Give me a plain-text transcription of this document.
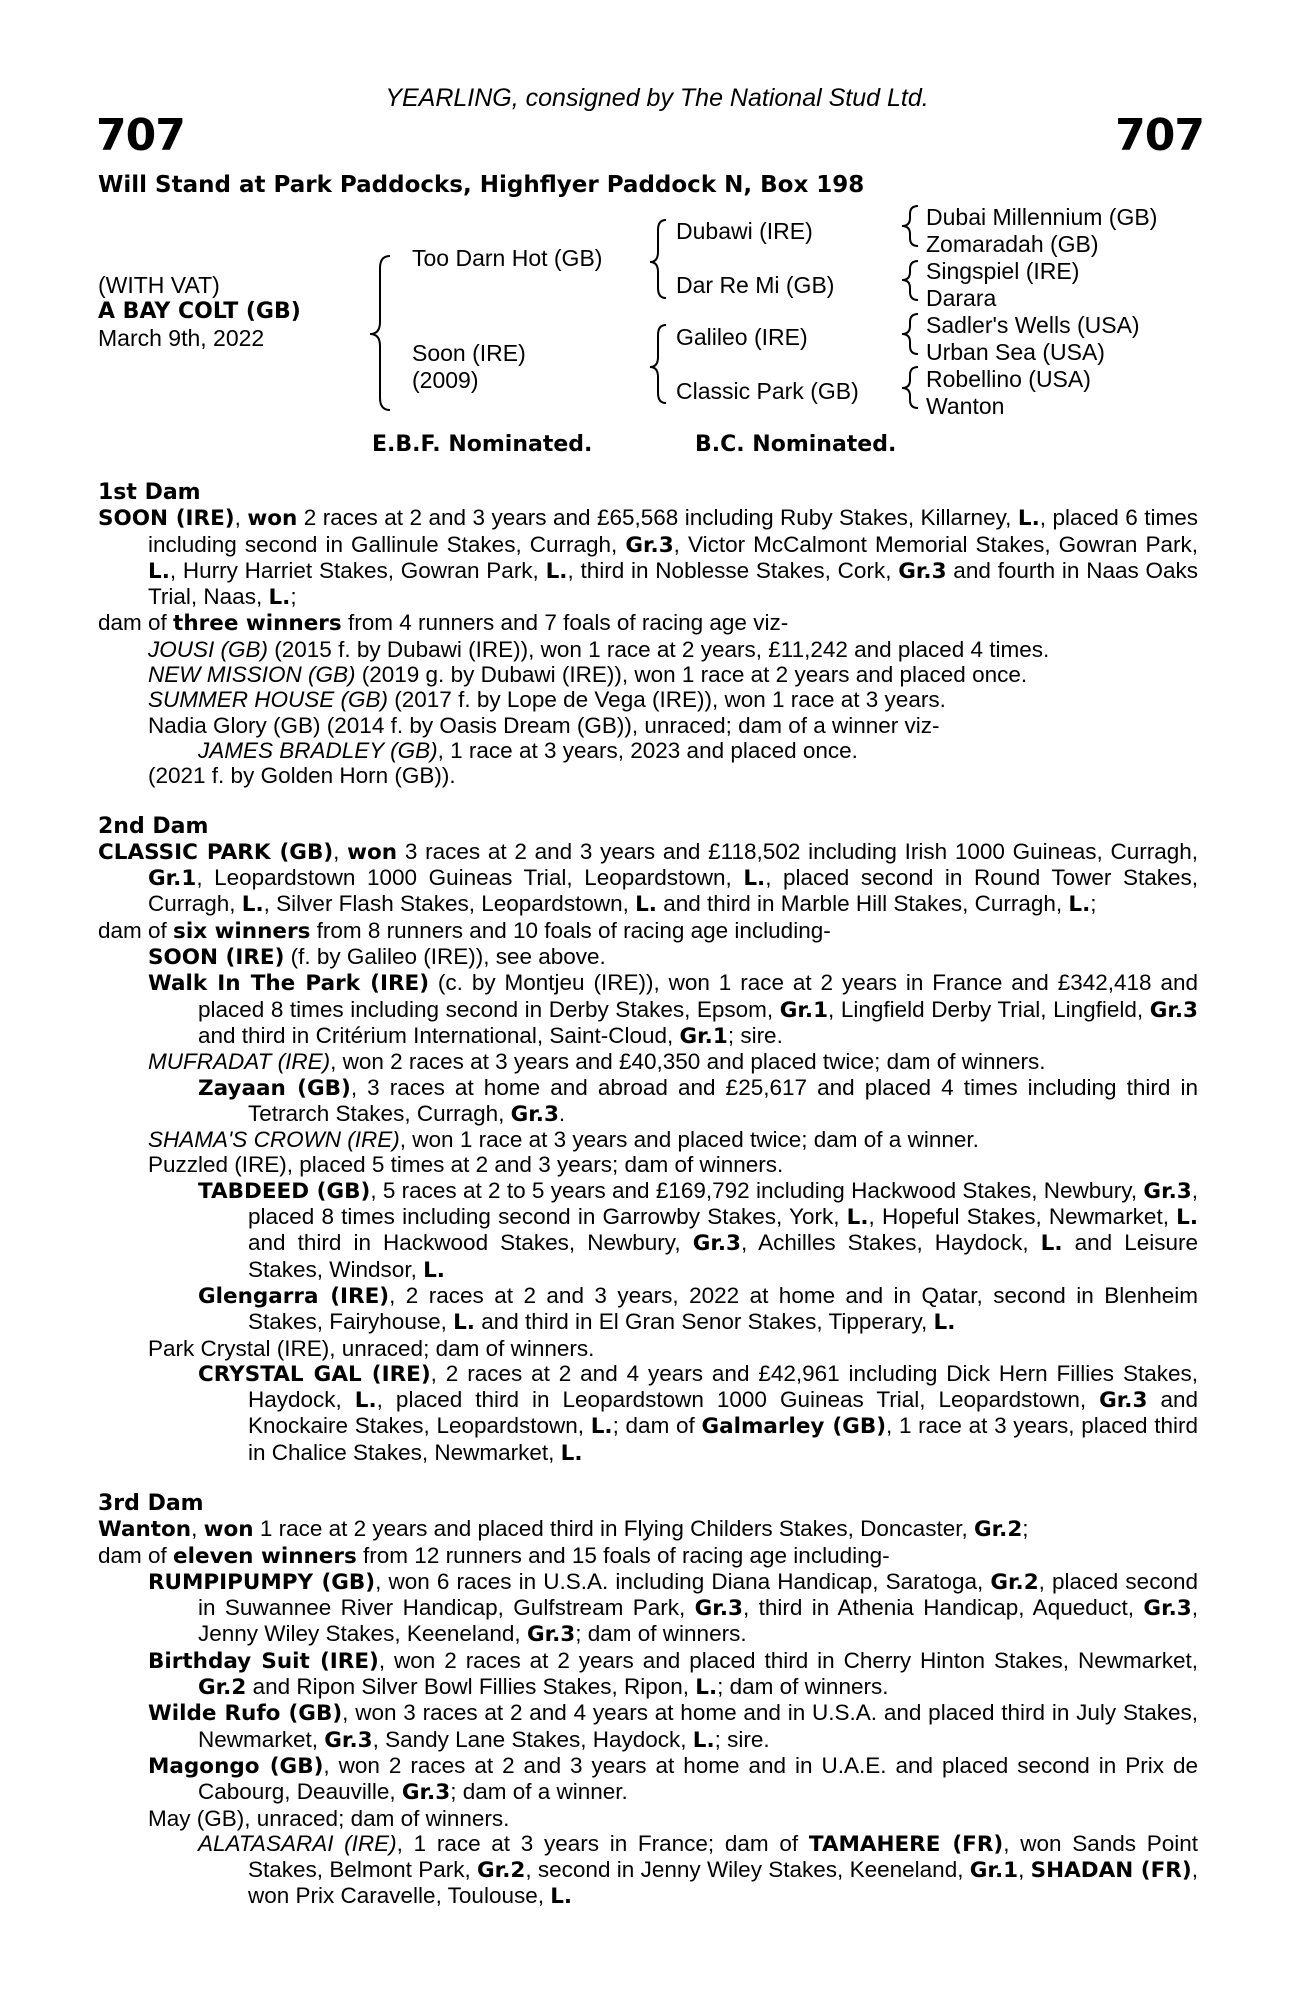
YEARLING, consigned by The National Stud Ltd.
707	707
Will Stand at Park Paddocks, Highflyer Paddock N, Box 198
(WITH VAT)
A BAY COLT (GB)
March 9th, 2022
Too Darn Hot (GB)
Soon (IRE)
(2009)
Dubawi (IRE)
Dar Re Mi (GB)
Galileo (IRE)
Classic Park (GB)
Dubai Millennium (GB)
Zomaradah (GB)
Singspiel (IRE)
Darara
Sadler's Wells (USA)
Urban Sea (USA)
Robellino (USA)
Wanton
E.B.F. Nominated.	B.C. Nominated.
1st Dam
SOON (IRE), won 2 races at 2 and 3 years and £65,568 including Ruby Stakes, Killarney, L., placed 6 times including second in Gallinule Stakes, Curragh, Gr.3, Victor McCalmont Memorial Stakes, Gowran Park, L., Hurry Harriet Stakes, Gowran Park, L., third in Noblesse Stakes, Cork, Gr.3 and fourth in Naas Oaks Trial, Naas, L.;
dam of three winners from 4 runners and 7 foals of racing age viz-
JOUSI (GB) (2015 f. by Dubawi (IRE)), won 1 race at 2 years, £11,242 and placed 4 times.
NEW MISSION (GB) (2019 g. by Dubawi (IRE)), won 1 race at 2 years and placed once.
SUMMER HOUSE (GB) (2017 f. by Lope de Vega (IRE)), won 1 race at 3 years.
Nadia Glory (GB) (2014 f. by Oasis Dream (GB)), unraced; dam of a winner viz-
JAMES BRADLEY (GB), 1 race at 3 years, 2023 and placed once.
(2021 f. by Golden Horn (GB)).
2nd Dam
CLASSIC PARK (GB), won 3 races at 2 and 3 years and £118,502 including Irish 1000 Guineas, Curragh, Gr.1, Leopardstown 1000 Guineas Trial, Leopardstown, L., placed second in Round Tower Stakes, Curragh, L., Silver Flash Stakes, Leopardstown, L. and third in Marble Hill Stakes, Curragh, L.;
dam of six winners from 8 runners and 10 foals of racing age including-
SOON (IRE) (f. by Galileo (IRE)), see above.
Walk In The Park (IRE) (c. by Montjeu (IRE)), won 1 race at 2 years in France and £342,418 and placed 8 times including second in Derby Stakes, Epsom, Gr.1, Lingfield Derby Trial, Lingfield, Gr.3 and third in Critérium International, Saint-Cloud, Gr.1; sire.
MUFRADAT (IRE), won 2 races at 3 years and £40,350 and placed twice; dam of winners.
Zayaan (GB), 3 races at home and abroad and £25,617 and placed 4 times including third in Tetrarch Stakes, Curragh, Gr.3.
SHAMA'S CROWN (IRE), won 1 race at 3 years and placed twice; dam of a winner.
Puzzled (IRE), placed 5 times at 2 and 3 years; dam of winners.
TABDEED (GB), 5 races at 2 to 5 years and £169,792 including Hackwood Stakes, Newbury, Gr.3, placed 8 times including second in Garrowby Stakes, York, L., Hopeful Stakes, Newmarket, L. and third in Hackwood Stakes, Newbury, Gr.3, Achilles Stakes, Haydock, L. and Leisure Stakes, Windsor, L.
Glengarra (IRE), 2 races at 2 and 3 years, 2022 at home and in Qatar, second in Blenheim Stakes, Fairyhouse, L. and third in El Gran Senor Stakes, Tipperary, L.
Park Crystal (IRE), unraced; dam of winners.
CRYSTAL GAL (IRE), 2 races at 2 and 4 years and £42,961 including Dick Hern Fillies Stakes, Haydock, L., placed third in Leopardstown 1000 Guineas Trial, Leopardstown, Gr.3 and Knockaire Stakes, Leopardstown, L.; dam of Galmarley (GB), 1 race at 3 years, placed third in Chalice Stakes, Newmarket, L.
3rd Dam
Wanton, won 1 race at 2 years and placed third in Flying Childers Stakes, Doncaster, Gr.2;
dam of eleven winners from 12 runners and 15 foals of racing age including-
RUMPIPUMPY (GB), won 6 races in U.S.A. including Diana Handicap, Saratoga, Gr.2, placed second in Suwannee River Handicap, Gulfstream Park, Gr.3, third in Athenia Handicap, Aqueduct, Gr.3, Jenny Wiley Stakes, Keeneland, Gr.3; dam of winners.
Birthday Suit (IRE), won 2 races at 2 years and placed third in Cherry Hinton Stakes, Newmarket, Gr.2 and Ripon Silver Bowl Fillies Stakes, Ripon, L.; dam of winners.
Wilde Rufo (GB), won 3 races at 2 and 4 years at home and in U.S.A. and placed third in July Stakes, Newmarket, Gr.3, Sandy Lane Stakes, Haydock, L.; sire.
Magongo (GB), won 2 races at 2 and 3 years at home and in U.A.E. and placed second in Prix de Cabourg, Deauville, Gr.3; dam of a winner.
May (GB), unraced; dam of winners.
ALATASARAI (IRE), 1 race at 3 years in France; dam of TAMAHERE (FR), won Sands Point Stakes, Belmont Park, Gr.2, second in Jenny Wiley Stakes, Keeneland, Gr.1, SHADAN (FR), won Prix Caravelle, Toulouse, L.
